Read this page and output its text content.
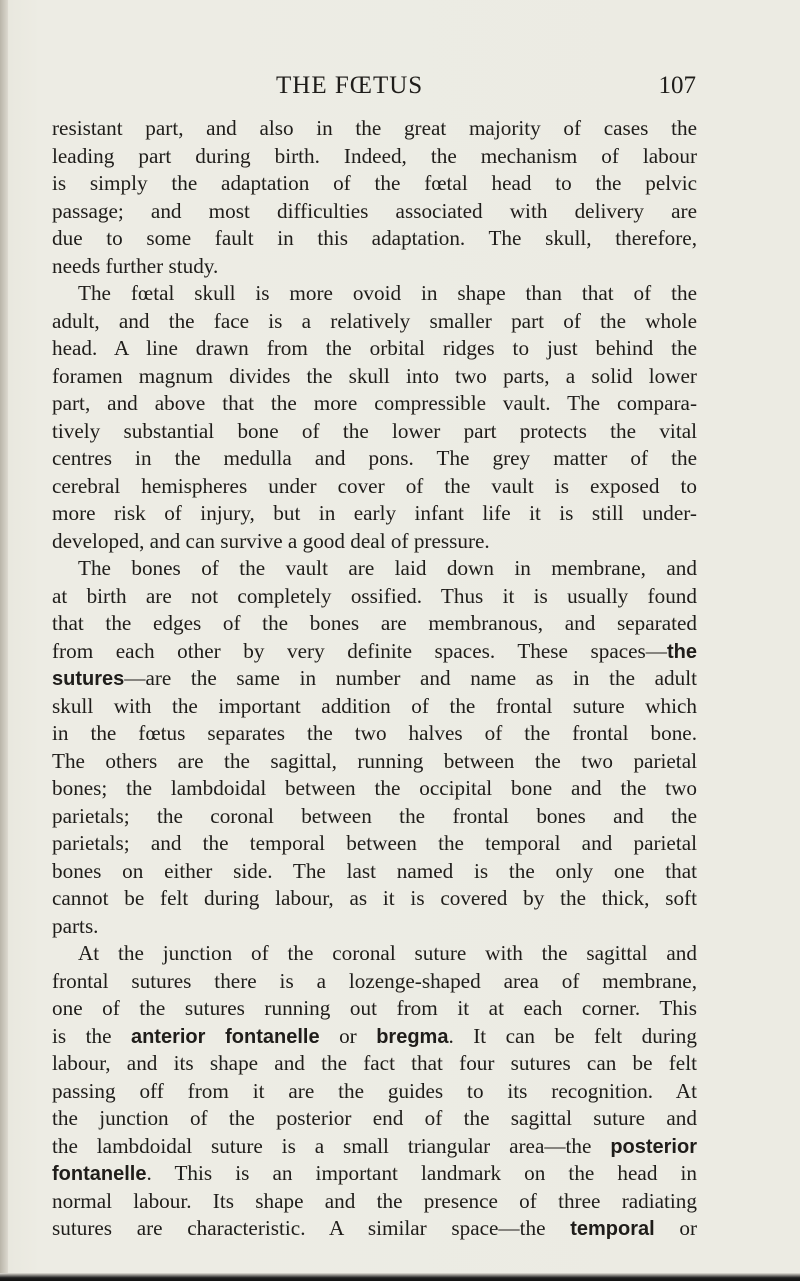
THE FŒTUS	107
resistant part, and also in the great majority of cases the
leading part during birth. Indeed, the mechanism of labour
is simply the adaptation of the fœtal head to the pelvic
passage; and most difficulties associated with delivery are
due to some fault in this adaptation. The skull, therefore,
needs further study.
The fœtal skull is more ovoid in shape than that of the
adult, and the face is a relatively smaller part of the whole
head. A line drawn from the orbital ridges to just behind the
foramen magnum divides the skull into two parts, a solid lower
part, and above that the more compressible vault. The compara-
tively substantial bone of the lower part protects the vital
centres in the medulla and pons. The grey matter of the
cerebral hemispheres under cover of the vault is exposed to
more risk of injury, but in early infant life it is still under-
developed, and can survive a good deal of pressure.
The bones of the vault are laid down in membrane, and
at birth are not completely ossified. Thus it is usually found
that the edges of the bones are membranous, and separated
from each other by very definite spaces. These spaces—the
sutures—are the same in number and name as in the adult
skull with the important addition of the frontal suture which
in the fœtus separates the two halves of the frontal bone.
The others are the sagittal, running between the two parietal
bones; the lambdoidal between the occipital bone and the two
parietals; the coronal between the frontal bones and the
parietals; and the temporal between the temporal and parietal
bones on either side. The last named is the only one that
cannot be felt during labour, as it is covered by the thick, soft
parts.
At the junction of the coronal suture with the sagittal and
frontal sutures there is a lozenge-shaped area of membrane,
one of the sutures running out from it at each corner. This
is the anterior fontanelle or bregma. It can be felt during
labour, and its shape and the fact that four sutures can be felt
passing off from it are the guides to its recognition. At
the junction of the posterior end of the sagittal suture and
the lambdoidal suture is a small triangular area—the posterior
fontanelle. This is an important landmark on the head in
normal labour. Its shape and the presence of three radiating
sutures are characteristic. A similar space—the temporal or
